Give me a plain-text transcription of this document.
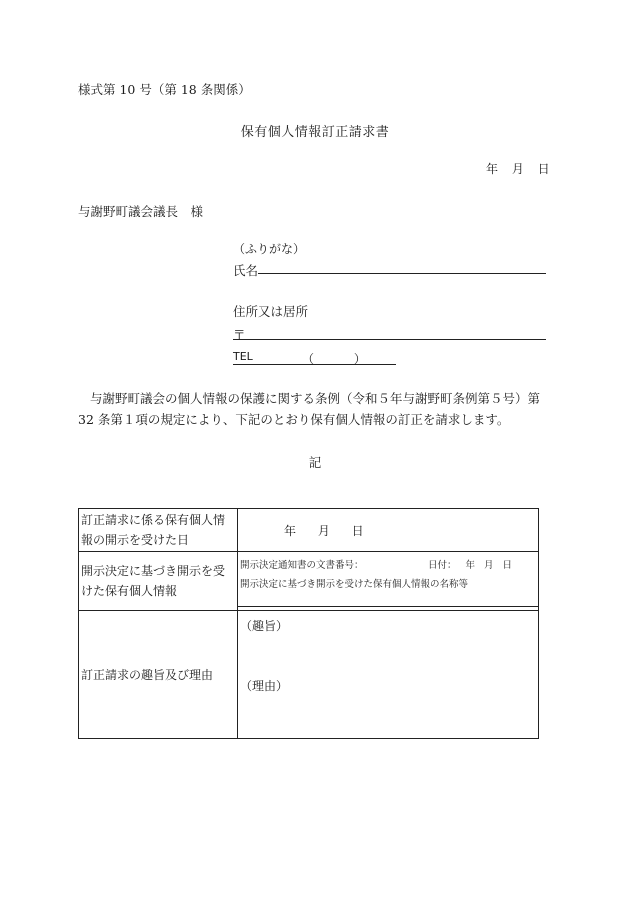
様式第 10 号（第 18 条関係）
保有個人情報訂正請求書
年 月 日
与謝野町議会議長　様
（ふりがな）
氏名
住所又は居所
〒
TEL	（ ）
与謝野町議会の個人情報の保護に関する条例（令和５年与謝野町条例第５号）第 32 条第１項の規定により、下記のとおり保有個人情報の訂正を請求します。
記
訂正請求に係る保有個人情報の開示を受けた日	年 月 日

開示決定に基づき開示を受けた保有個人情報	開示決定通知書の文書番号： 日付： 年 月 日
開示決定に基づき開示を受けた保有個人情報の名称等

訂正請求の趣旨及び理由	（趣旨）
（理由）
